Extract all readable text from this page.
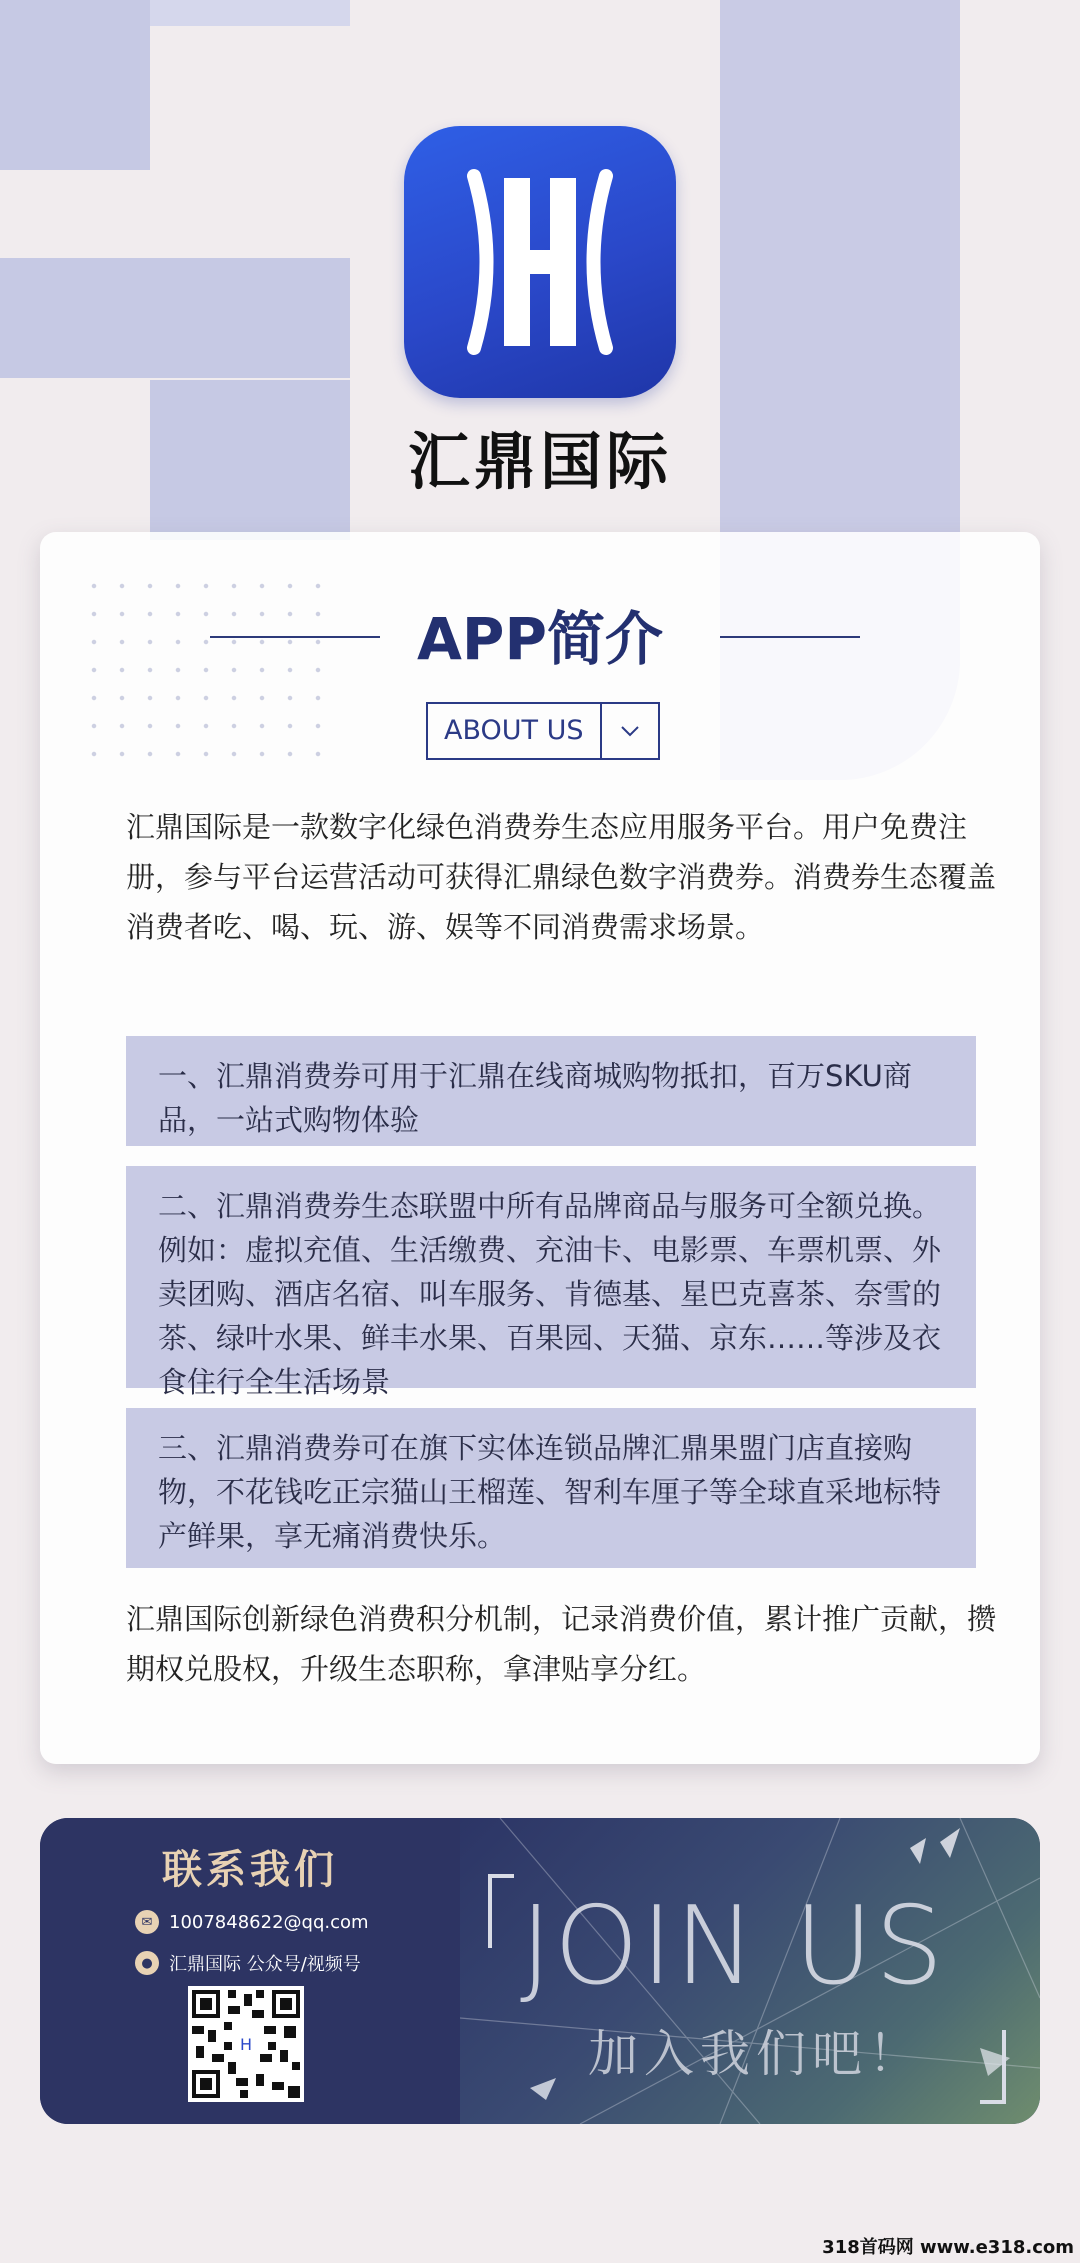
汇鼎国际
APP简介
ABOUT US
汇鼎国际是一款数字化绿色消费券生态应用服务平台。用户免费注册，参与平台运营活动可获得汇鼎绿色数字消费券。消费券生态覆盖消费者吃、喝、玩、游、娱等不同消费需求场景。
一、汇鼎消费券可用于汇鼎在线商城购物抵扣，百万SKU商品，一站式购物体验
二、汇鼎消费券生态联盟中所有品牌商品与服务可全额兑换。例如：虚拟充值、生活缴费、充油卡、电影票、车票机票、外卖团购、酒店名宿、叫车服务、肯德基、星巴克喜茶、奈雪的茶、绿叶水果、鲜丰水果、百果园、天猫、京东……等涉及衣食住行全生活场景
三、汇鼎消费券可在旗下实体连锁品牌汇鼎果盟门店直接购物，不花钱吃正宗猫山王榴莲、智利车厘子等全球直采地标特产鲜果，享无痛消费快乐。
汇鼎国际创新绿色消费积分机制，记录消费价值，累计推广贡献，攒期权兑股权，升级生态职称，拿津贴享分红。
联系我们
✉ 1007848622@qq.com
● 汇鼎国际 公众号/视频号
H
JOIN US
加入我们吧！
318首码网 www.e318.com
